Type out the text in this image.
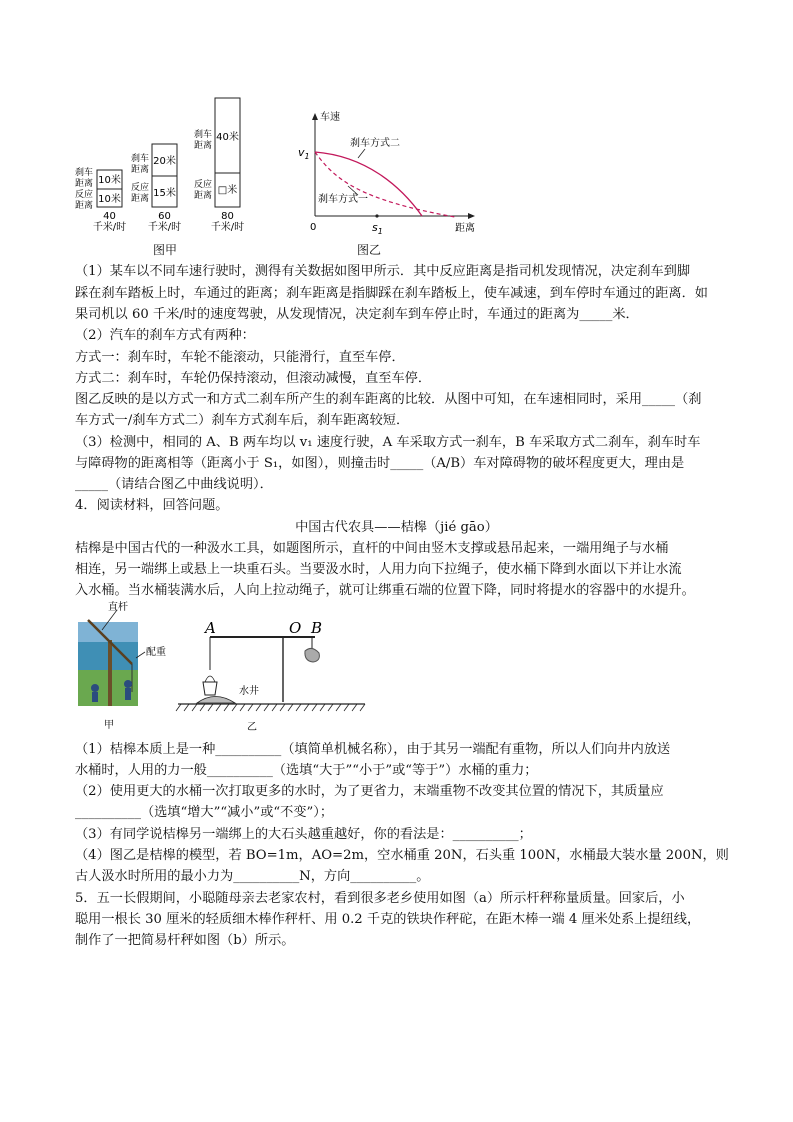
10米
10米
刹车
距离
反应
距离
40
千米/时
20米
15米
刹车
距离
反应
距离
60
千米/时
40米
□米
刹车
距离
反应
距离
80
千米/时
图甲
车速
距离
0
$v_1$
$s_1$
刹车方式二
刹车方式一
图乙
（1）某车以不同车速行驶时，测得有关数据如图甲所示．其中反应距离是指司机发现情况，决定刹车到脚
踩在刹车踏板上时，车通过的距离；刹车距离是指脚踩在刹车踏板上，使车减速，到车停时车通过的距离．如
果司机以 60 千米/时的速度驾驶，从发现情况，决定刹车到车停止时，车通过的距离为_____米．
（2）汽车的刹车方式有两种：
方式一：刹车时，车轮不能滚动，只能滑行，直至车停．
方式二：刹车时，车轮仍保持滚动，但滚动减慢，直至车停．
图乙反映的是以方式一和方式二刹车所产生的刹车距离的比较．从图中可知，在车速相同时，采用_____（刹
车方式一/刹车方式二）刹车方式刹车后，刹车距离较短．
（3）检测中，相同的 A、B 两车均以 v₁ 速度行驶，A 车采取方式一刹车，B 车采取方式二刹车，刹车时车
与障碍物的距离相等（距离小于 S₁，如图），则撞击时_____（A/B）车对障碍物的破坏程度更大，理由是
_____（请结合图乙中曲线说明）．
4．阅读材料，回答问题。
中国古代农具——桔槔（jié gāo）
桔槔是中国古代的一种汲水工具，如题图所示，直杆的中间由竖木支撑或悬吊起来，一端用绳子与水桶
相连，另一端绑上或悬上一块重石头。当要汲水时，人用力向下拉绳子，使水桶下降到水面以下并让水流
入水桶。当水桶装满水后，人向上拉动绳子，就可让绑重石端的位置下降，同时将提水的容器中的水提升。
直杆
配重
甲
A	O B
水井
乙
（1）桔槔本质上是一种__________（填简单机械名称），由于其另一端配有重物，所以人们向井内放送
水桶时，人用的力一般__________（选填“大于”“小于”或“等于”）水桶的重力；
（2）使用更大的水桶一次打取更多的水时，为了更省力，末端重物不改变其位置的情况下，其质量应
__________（选填“增大”“减小”或“不变”）；
（3）有同学说桔槔另一端绑上的大石头越重越好，你的看法是：__________；
（4）图乙是桔槔的模型，若 BO=1m，AO=2m，空水桶重 20N，石头重 100N，水桶最大装水量 200N，则
古人汲水时所用的最小力为__________N，方向__________。
5．五一长假期间，小聪随母亲去老家农村，看到很多老乡使用如图（a）所示杆秤称量质量。回家后，小
聪用一根长 30 厘米的轻质细木棒作秤杆、用 0.2 千克的铁块作秤砣，在距木棒一端 4 厘米处系上提纽线，
制作了一把简易杆秤如图（b）所示。
